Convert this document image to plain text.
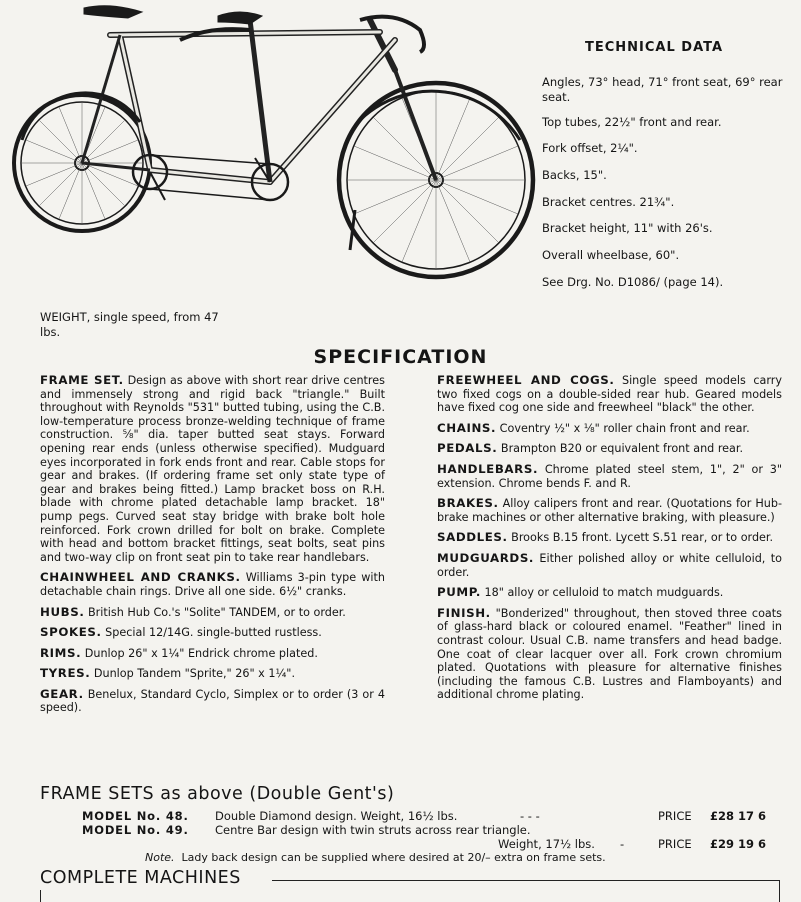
TECHNICAL DATA
Angles, 73° head, 71° front seat, 69° rear seat.
Top tubes, 22½" front and rear.
Fork offset, 2¼".
Backs, 15".
Bracket centres. 21¾".
Bracket height, 11" with 26's.
Overall wheelbase, 60".
See Drg. No. D1086/ (page 14).
WEIGHT, single speed, from 47 lbs.
SPECIFICATION

FRAME SET. Design as above with short rear drive centres and immensely strong and rigid back "triangle." Built throughout with Reynolds "531" butted tubing, using the C.B. low-temperature process bronze-welding technique of frame construction. ⅝" dia. taper butted seat stays. Forward opening rear ends (unless otherwise specified). Mudguard eyes incorporated in fork ends front and rear. Cable stops for gear and brakes. (If ordering frame set only state type of gear and brakes being fitted.) Lamp bracket boss on R.H. blade with chrome plated detachable lamp bracket. 18" pump pegs. Curved seat stay bridge with brake bolt hole reinforced. Fork crown drilled for bolt on brake. Complete with head and bottom bracket fittings, seat bolts, seat pins and two-way clip on front seat pin to take rear handlebars.

CHAINWHEEL AND CRANKS. Williams 3-pin type with detachable chain rings. Drive all one side. 6½" cranks.

HUBS. British Hub Co.'s "Solite" TANDEM, or to order.

SPOKES. Special 12/14G. single-butted rustless.

RIMS. Dunlop 26" x 1¼" Endrick chrome plated.

TYRES. Dunlop Tandem "Sprite," 26" x 1¼".

GEAR. Benelux, Standard Cyclo, Simplex or to order (3 or 4 speed).

FREEWHEEL AND COGS. Single speed models carry two fixed cogs on a double-sided rear hub. Geared models have fixed cog one side and freewheel "black" the other.

CHAINS. Coventry ½" x ⅛" roller chain front and rear.

PEDALS. Brampton B20 or equivalent front and rear.

HANDLEBARS. Chrome plated steel stem, 1", 2" or 3" extension. Chrome bends F. and R.

BRAKES. Alloy calipers front and rear. (Quotations for Hub-brake machines or other alternative braking, with pleasure.)

SADDLES. Brooks B.15 front. Lycett S.51 rear, or to order.

MUDGUARDS. Either polished alloy or white celluloid, to order.

PUMP. 18" alloy or celluloid to match mudguards.

FINISH. "Bonderized" throughout, then stoved three coats of glass-hard black or coloured enamel. "Feather" lined in contrast colour. Usual C.B. name transfers and head badge. One coat of clear lacquer over all. Fork crown chromium plated. Quotations with pleasure for alternative finishes (including the famous C.B. Lustres and Flamboyants) and additional chrome plating.

FRAME SETS as above (Double Gent's)
MODEL No. 48. Double Diamond design. Weight, 16½ lbs.	- - -	PRICE £28 17 6
MODEL No. 49. Centre Bar design with twin struts across rear triangle.
Weight, 17½ lbs. -	PRICE £29 19 6
Note. Lady back design can be supplied where desired at 20/– extra on frame sets.
COMPLETE MACHINES
